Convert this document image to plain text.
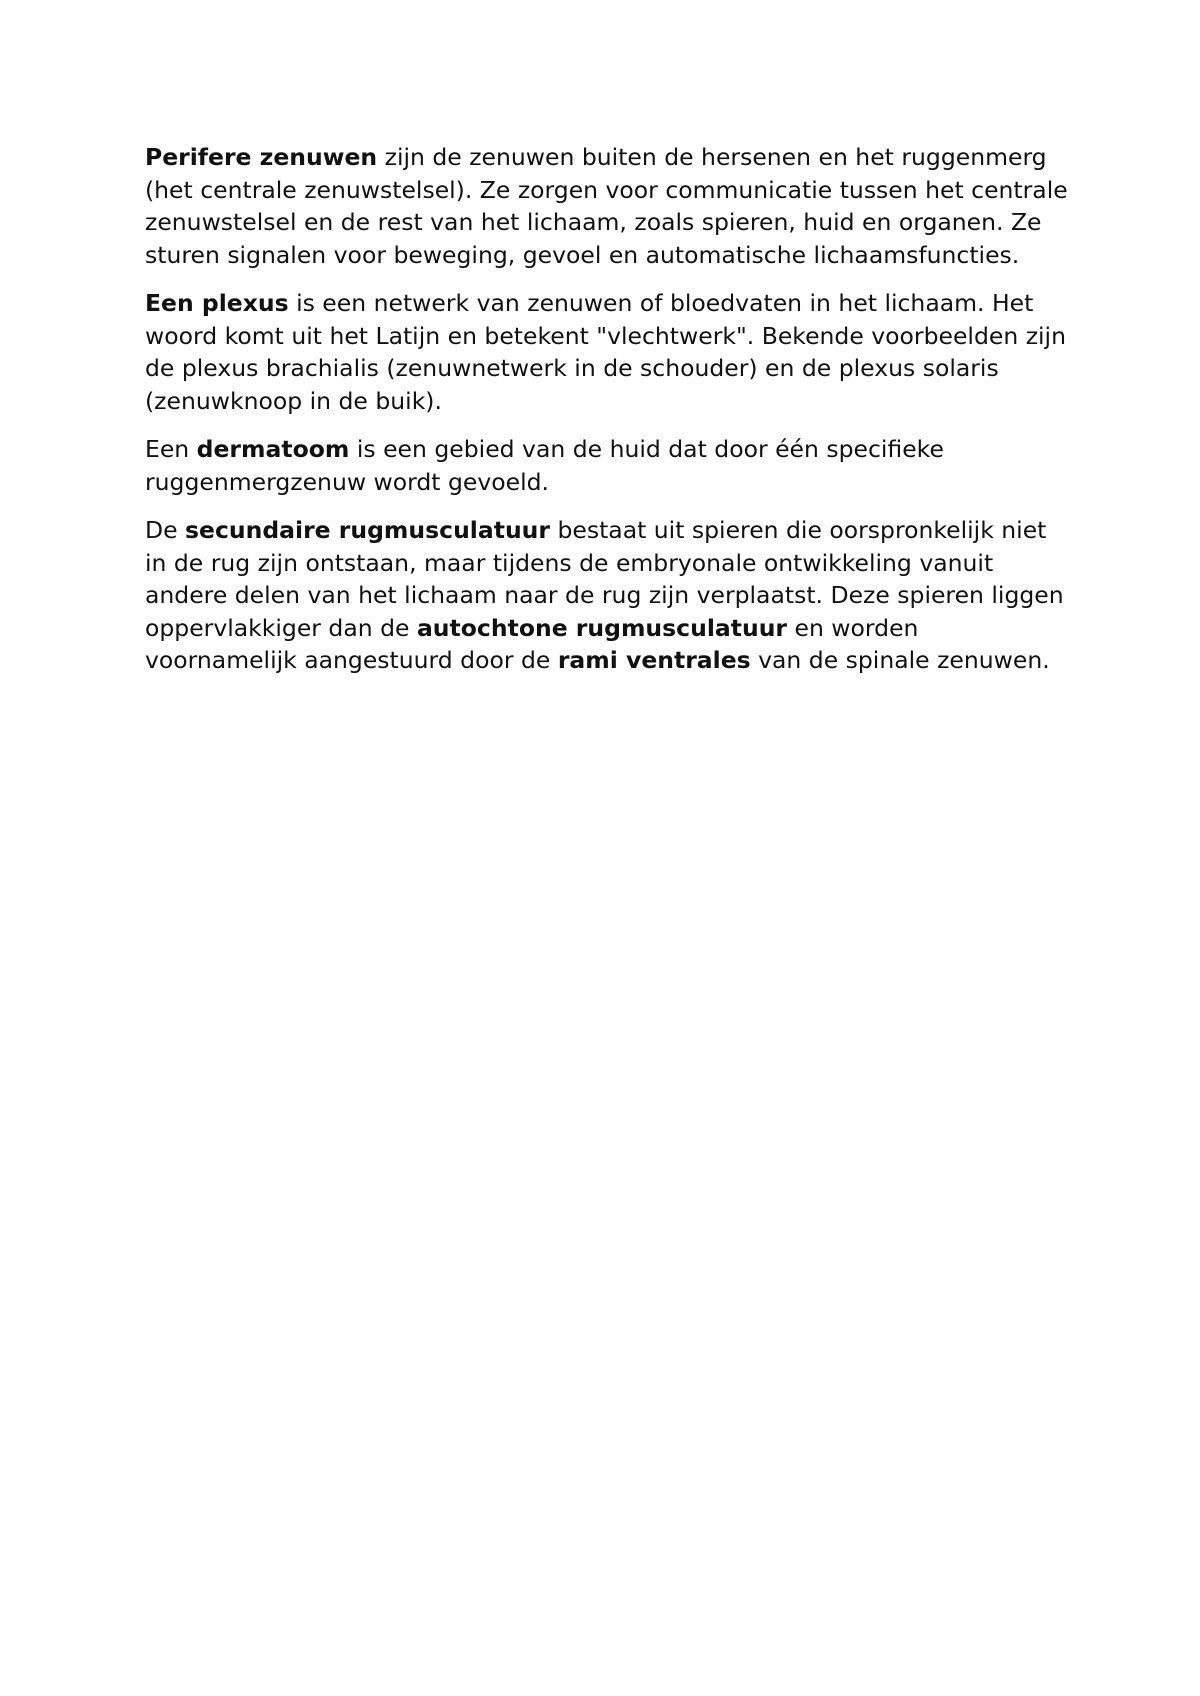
Perifere zenuwen zijn de zenuwen buiten de hersenen en het ruggenmerg (het centrale zenuwstelsel). Ze zorgen voor communicatie tussen het centrale zenuwstelsel en de rest van het lichaam, zoals spieren, huid en organen. Ze sturen signalen voor beweging, gevoel en automatische lichaamsfuncties.

Een plexus is een netwerk van zenuwen of bloedvaten in het lichaam. Het woord komt uit het Latijn en betekent "vlechtwerk". Bekende voorbeelden zijn de plexus brachialis (zenuwnetwerk in de schouder) en de plexus solaris (zenuwknoop in de buik).

Een dermatoom is een gebied van de huid dat door één specifieke ruggenmergzenuw wordt gevoeld.

De secundaire rugmusculatuur bestaat uit spieren die oorspronkelijk niet in de rug zijn ontstaan, maar tijdens de embryonale ontwikkeling vanuit andere delen van het lichaam naar de rug zijn verplaatst. Deze spieren liggen oppervlakkiger dan de autochtone rugmusculatuur en worden voornamelijk aangestuurd door de rami ventrales van de spinale zenuwen.
